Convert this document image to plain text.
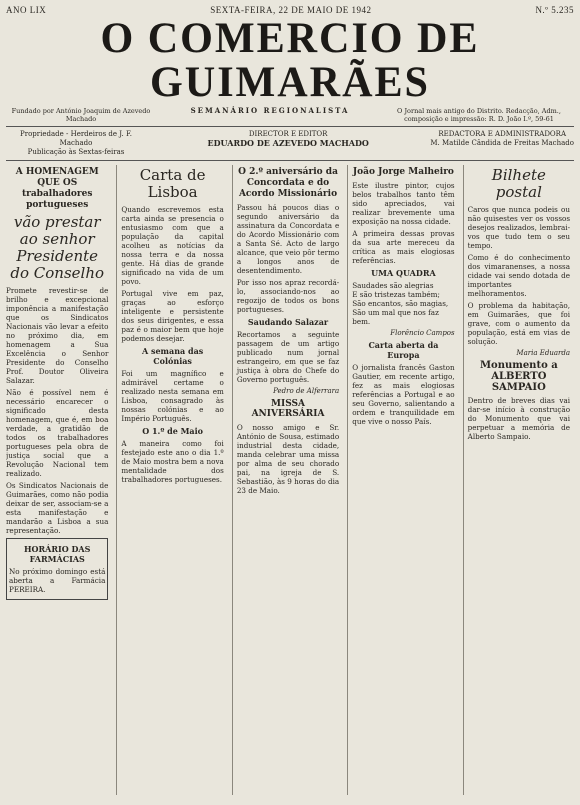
ANO LIX	SEXTA-FEIRA, 22 DE MAIO DE 1942	N.º 5.235
O COMERCIO DE GUIMARÃES
Fundado por António Joaquim de Azevedo Machado
SEMANÁRIO REGIONALISTA	O Jornal mais antigo do Distrito. Redacção, Adm., composição e impressão: R. D. João I.º, 59-61
Propriedade - Herdeiros de J. F. Machado
Publicação às Sextas-feiras
DIRECTOR E EDITOR
EDUARDO DE AZEVEDO MACHADO
REDACTORA E ADMINISTRADORA
M. Matilde Cândida de Freitas Machado
A HOMENAGEM QUE OS trabalhadores portugueses
vão prestar ao senhor Presidente do Conselho

Promete revestir-se de brilho e excepcional imponência a manifestação que os Sindicatos Nacionais vão levar a efeito no próximo dia, em homenagem a Sua Excelência o Senhor Presidente do Conselho Prof. Doutor Oliveira Salazar.

Não é possível nem é necessário encarecer o significado desta homenagem, que é, em boa verdade, a gratidão de todos os trabalhadores portugueses pela obra de justiça social que a Revolução Nacional tem realizado.

Os Sindicatos Nacionais de Guimarães, como não podia deixar de ser, associam-se a esta manifestação e mandarão a Lisboa a sua representação.

HORÁRIO DAS FARMÁCIAS

No próximo domingo está aberta a Farmácia PEREIRA.

Carta de Lisboa

Quando escrevemos esta carta ainda se presencia o entusiasmo com que a população da capital acolheu as notícias da nossa terra e da nossa gente. Há dias de grande significado na vida de um povo.

Portugal vive em paz, graças ao esforço inteligente e persistente dos seus dirigentes, e essa paz é o maior bem que hoje podemos desejar.

A semana das Colónias

Foi um magnífico e admirável certame o realizado nesta semana em Lisboa, consagrado às nossas colónias e ao Império Português.

O 1.º de Maio

A maneira como foi festejado este ano o dia 1.º de Maio mostra bem a nova mentalidade dos trabalhadores portugueses.

O 2.º aniversário da Concordata e do Acordo Missionário

Passou há poucos dias o segundo aniversário da assinatura da Concordata e do Acordo Missionário com a Santa Sé. Acto de largo alcance, que veio pôr termo a longos anos de desentendimento.

Por isso nos apraz recordá-lo, associando-nos ao regozijo de todos os bons portugueses.

Saudando Salazar

Recortamos a seguinte passagem de um artigo publicado num jornal estrangeiro, em que se faz justiça à obra do Chefe do Governo português.

Pedro de Alferrara
MISSA ANIVERSÁRIA

O nosso amigo e Sr. António de Sousa, estimado industrial desta cidade, manda celebrar uma missa por alma de seu chorado pai, na igreja de S. Sebastião, às 9 horas do dia 23 de Maio.

João Jorge Malheiro

Este ilustre pintor, cujos belos trabalhos tanto têm sido apreciados, vai realizar brevemente uma exposição na nossa cidade.

A primeira dessas provas da sua arte mereceu da crítica as mais elogiosas referências.

UMA QUADRA

Saudades são alegrias
E são tristezas também;
São encantos, são magias,
São um mal que nos faz bem.

Florêncio Campos
Carta aberta da Europa

O jornalista francês Gaston Gautier, em recente artigo, fez as mais elogiosas referências a Portugal e ao seu Governo, salientando a ordem e tranquilidade em que vive o nosso País.

Bilhete postal

Caros que nunca podeis ou não quisestes ver os vossos desejos realizados, lembrai-vos que tudo tem o seu tempo.

Como é do conhecimento dos vimaranenses, a nossa cidade vai sendo dotada de importantes melhoramentos.

O problema da habitação, em Guimarães, que foi grave, com o aumento da população, está em vias de solução.

Maria Eduarda
Monumento a ALBERTO SAMPAIO

Dentro de breves dias vai dar-se início à construção do Monumento que vai perpetuar a memória de Alberto Sampaio.
